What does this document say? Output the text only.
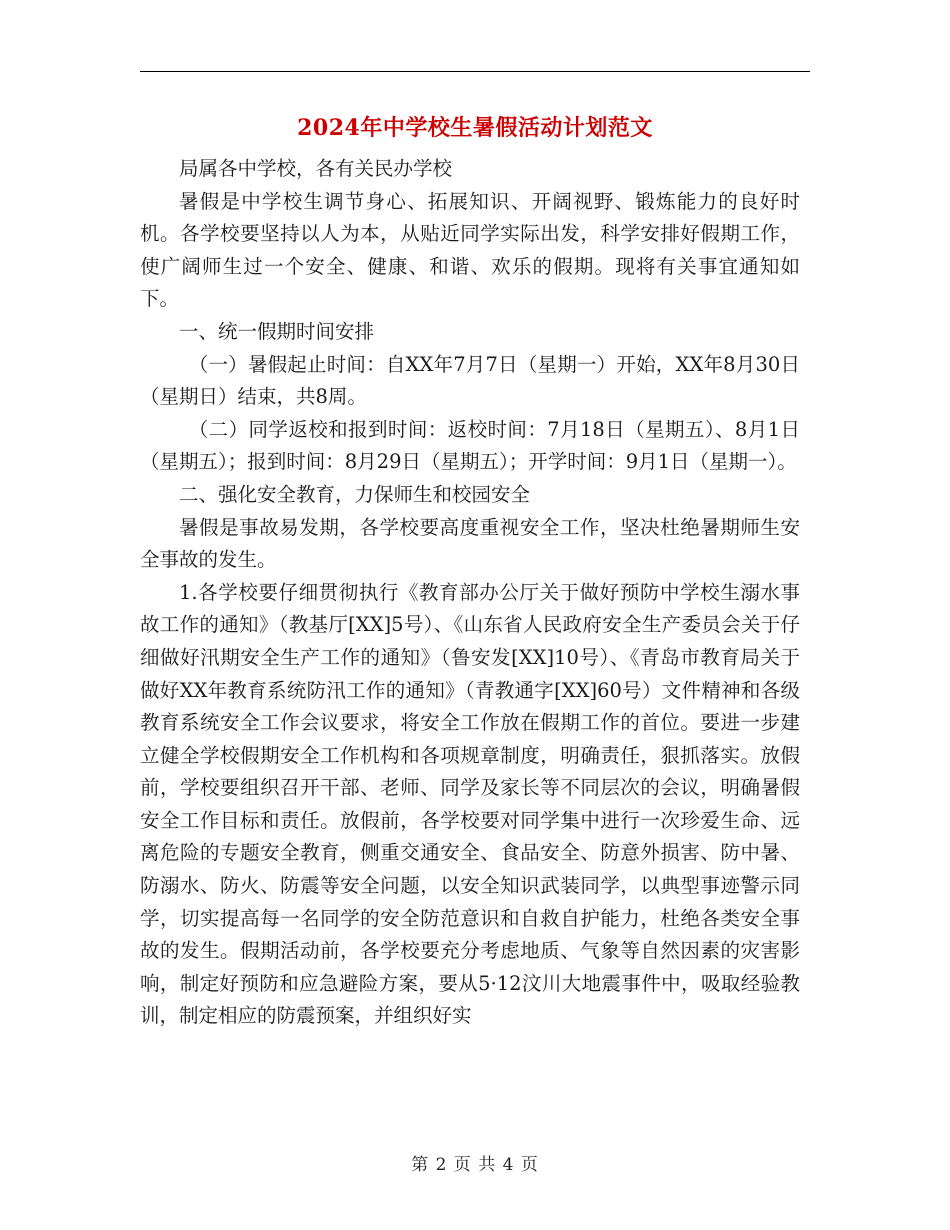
2024年中学校生暑假活动计划范文

局属各中学校，各有关民办学校

暑假是中学校生调节身心、拓展知识、开阔视野、锻炼能力的良好时机。各学校要坚持以人为本，从贴近同学实际出发，科学安排好假期工作，使广阔师生过一个安全、健康、和谐、欢乐的假期。现将有关事宜通知如下。

一、统一假期时间安排

（一）暑假起止时间：自XX年7月7日（星期一）开始，XX年8月30日（星期日）结束，共8周。

（二）同学返校和报到时间：返校时间：7月18日（星期五）、8月1日（星期五）；报到时间：8月29日（星期五）；开学时间：9月1日（星期一）。

二、强化安全教育，力保师生和校园安全

暑假是事故易发期，各学校要高度重视安全工作，坚决杜绝暑期师生安全事故的发生。

1.各学校要仔细贯彻执行《教育部办公厅关于做好预防中学校生溺水事故工作的通知》（教基厅[XX]5号）、《山东省人民政府安全生产委员会关于仔细做好汛期安全生产工作的通知》（鲁安发[XX]10号）、《青岛市教育局关于做好XX年教育系统防汛工作的通知》（青教通字[XX]60号）文件精神和各级教育系统安全工作会议要求，将安全工作放在假期工作的首位。要进一步建立健全学校假期安全工作机构和各项规章制度，明确责任，狠抓落实。放假前，学校要组织召开干部、老师、同学及家长等不同层次的会议，明确暑假安全工作目标和责任。放假前，各学校要对同学集中进行一次珍爱生命、远离危险的专题安全教育，侧重交通安全、食品安全、防意外损害、防中暑、防溺水、防火、防震等安全问题，以安全知识武装同学，以典型事迹警示同学，切实提高每一名同学的安全防范意识和自救自护能力，杜绝各类安全事故的发生。假期活动前，各学校要充分考虑地质、气象等自然因素的灾害影响，制定好预防和应急避险方案，要从5·12汶川大地震事件中，吸取经验教训，制定相应的防震预案，并组织好实

第 2 页 共 4 页
